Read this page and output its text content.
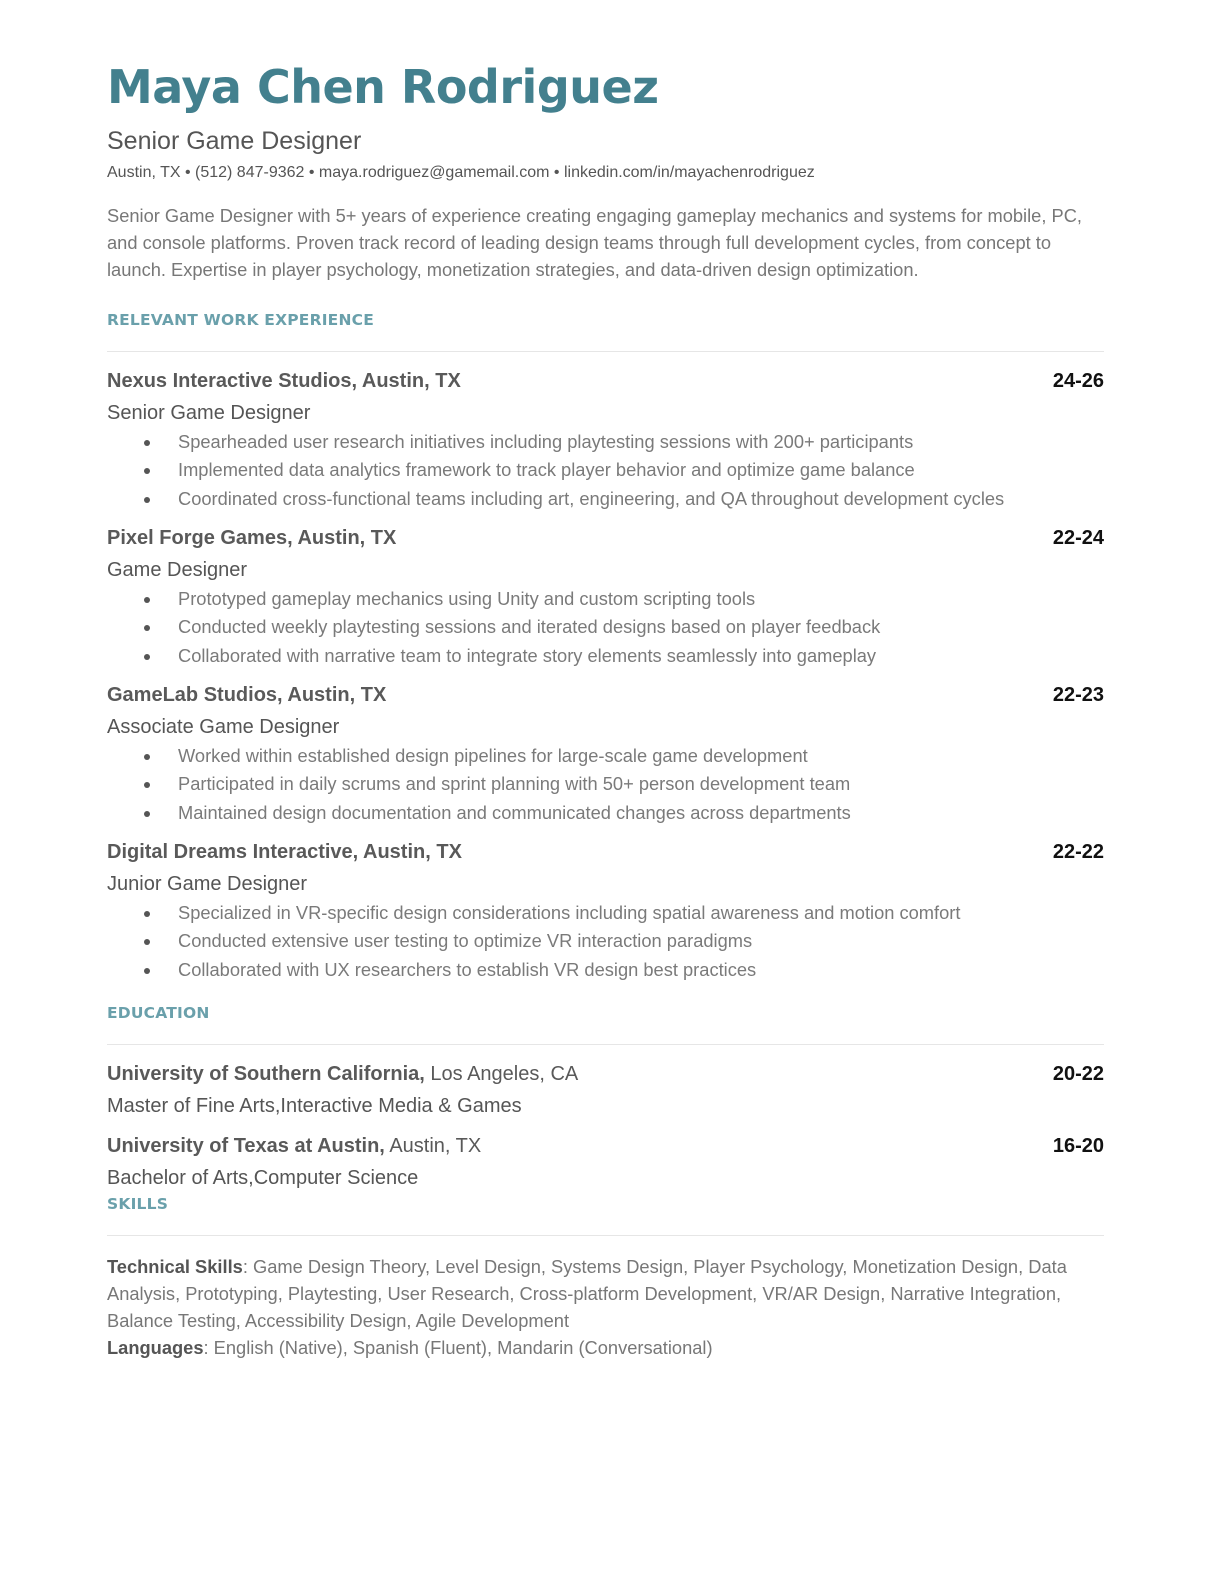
Maya Chen Rodriguez
Senior Game Designer
Austin, TX • (512) 847-9362 • maya.rodriguez@gamemail.com • linkedin.com/in/mayachenrodriguez
Senior Game Designer with 5+ years of experience creating engaging gameplay mechanics and systems for mobile, PC, and console platforms. Proven track record of leading design teams through full development cycles, from concept to launch. Expertise in player psychology, monetization strategies, and data-driven design optimization.
RELEVANT WORK EXPERIENCE
Nexus Interactive Studios, Austin, TX	24-26
Senior Game Designer
Spearheaded user research initiatives including playtesting sessions with 200+ participants
Implemented data analytics framework to track player behavior and optimize game balance
Coordinated cross-functional teams including art, engineering, and QA throughout development cycles
Pixel Forge Games, Austin, TX	22-24
Game Designer
Prototyped gameplay mechanics using Unity and custom scripting tools
Conducted weekly playtesting sessions and iterated designs based on player feedback
Collaborated with narrative team to integrate story elements seamlessly into gameplay
GameLab Studios, Austin, TX	22-23
Associate Game Designer
Worked within established design pipelines for large-scale game development
Participated in daily scrums and sprint planning with 50+ person development team
Maintained design documentation and communicated changes across departments
Digital Dreams Interactive, Austin, TX	22-22
Junior Game Designer
Specialized in VR-specific design considerations including spatial awareness and motion comfort
Conducted extensive user testing to optimize VR interaction paradigms
Collaborated with UX researchers to establish VR design best practices
EDUCATION
University of Southern California, Los Angeles, CA	20-22
Master of Fine Arts,Interactive Media & Games
University of Texas at Austin, Austin, TX	16-20
Bachelor of Arts,Computer Science
SKILLS
Technical Skills: Game Design Theory, Level Design, Systems Design, Player Psychology, Monetization Design, Data Analysis, Prototyping, Playtesting, User Research, Cross-platform Development, VR/AR Design, Narrative Integration, Balance Testing, Accessibility Design, Agile Development
Languages: English (Native), Spanish (Fluent), Mandarin (Conversational)
